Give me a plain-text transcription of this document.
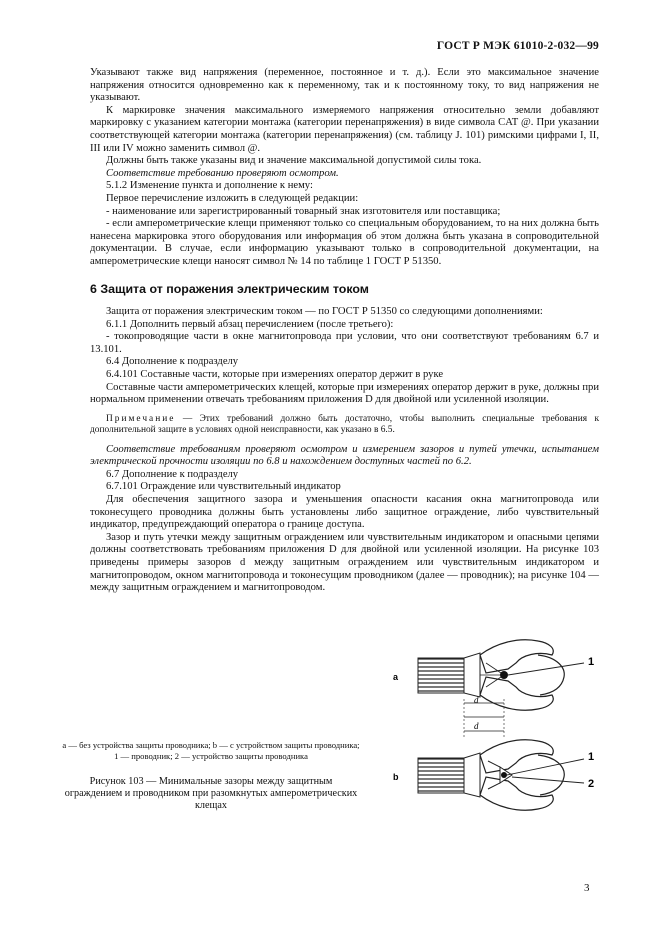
ГОСТ Р МЭК 61010-2-032—99

Указывают также вид напряжения (переменное, постоянное и т. д.). Если это максимальное значение напряжения относится одновременно как к переменному, так и к постоянному току, то вид напряжения не указывают.

К маркировке значения максимального измеряемого напряжения относительно земли добавляют маркировку с указанием категории монтажа (категории перенапряжения) в виде символа CAT @. При указании соответствующей категории монтажа (категории перенапряжения) (см. таблицу J. 101) римскими цифрами I, II, III или IV можно заменить символ @.

Должны быть также указаны вид и значение максимальной допустимой силы тока.

Соответствие требованию проверяют осмотром.

5.1.2 Изменение пункта и дополнение к нему:

Первое перечисление изложить в следующей редакции:

- наименование или зарегистрированный товарный знак изготовителя или поставщика;

- если амперометрические клещи применяют только со специальным оборудованием, то на них должна быть нанесена маркировка этого оборудования или информация об этом должна быть указана в сопроводительной документации. В случае, если информацию указывают только в сопроводительной документации, на амперометрические клещи наносят символ № 14 по таблице 1 ГОСТ Р 51350.

6 Защита от поражения электрическим током

Защита от поражения электрическим током — по ГОСТ Р 51350 со следующими дополнениями:

6.1.1 Дополнить первый абзац перечислением (после третьего):

- токопроводящие части в окне магнитопровода при условии, что они соответствуют требованиям 6.7 и 13.101.

6.4 Дополнение к подразделу

6.4.101 Составные части, которые при измерениях оператор держит в руке

Составные части амперометрических клещей, которые при измерениях оператор держит в руке, должны при нормальном применении отвечать требованиям приложения D для двойной или усиленной изоляции.

Примечание — Этих требований должно быть достаточно, чтобы выполнить специальные требования к дополнительной защите в условиях одной неисправности, как указано в 6.5.

Соответствие требованиям проверяют осмотром и измерением зазоров и путей утечки, испытанием электрической прочности изоляции по 6.8 и нахождением доступных частей по 6.2.

6.7 Дополнение к подразделу

6.7.101 Ограждение или чувствительный индикатор

Для обеспечения защитного зазора и уменьшения опасности касания окна магнитопровода или токонесущего проводника должны быть установлены либо защитное ограждение, либо чувствительный индикатор, предупреждающий оператора о границе доступа.

Зазор и путь утечки между защитным ограждением или чувствительным индикатором и опасными цепями должны соответствовать требованиям приложения D для двойной или усиленной изоляции. На рисунке 103 приведены примеры зазоров d между защитным ограждением или чувствительным индикатором и магнитопроводом, окном магнитопровода и токонесущим проводником (далее — проводник); на рисунке 104 — между защитным ограждением и магнитопроводом.

a — без устройства защиты проводника; b — с устройством защиты проводника; 1 — проводник; 2 — устройство защиты проводника
Рисунок 103 — Минимальные зазоры между защитным ограждением и проводником при разомкнутых амперометрических клещах
d
d
a
1
b
1
2
3
